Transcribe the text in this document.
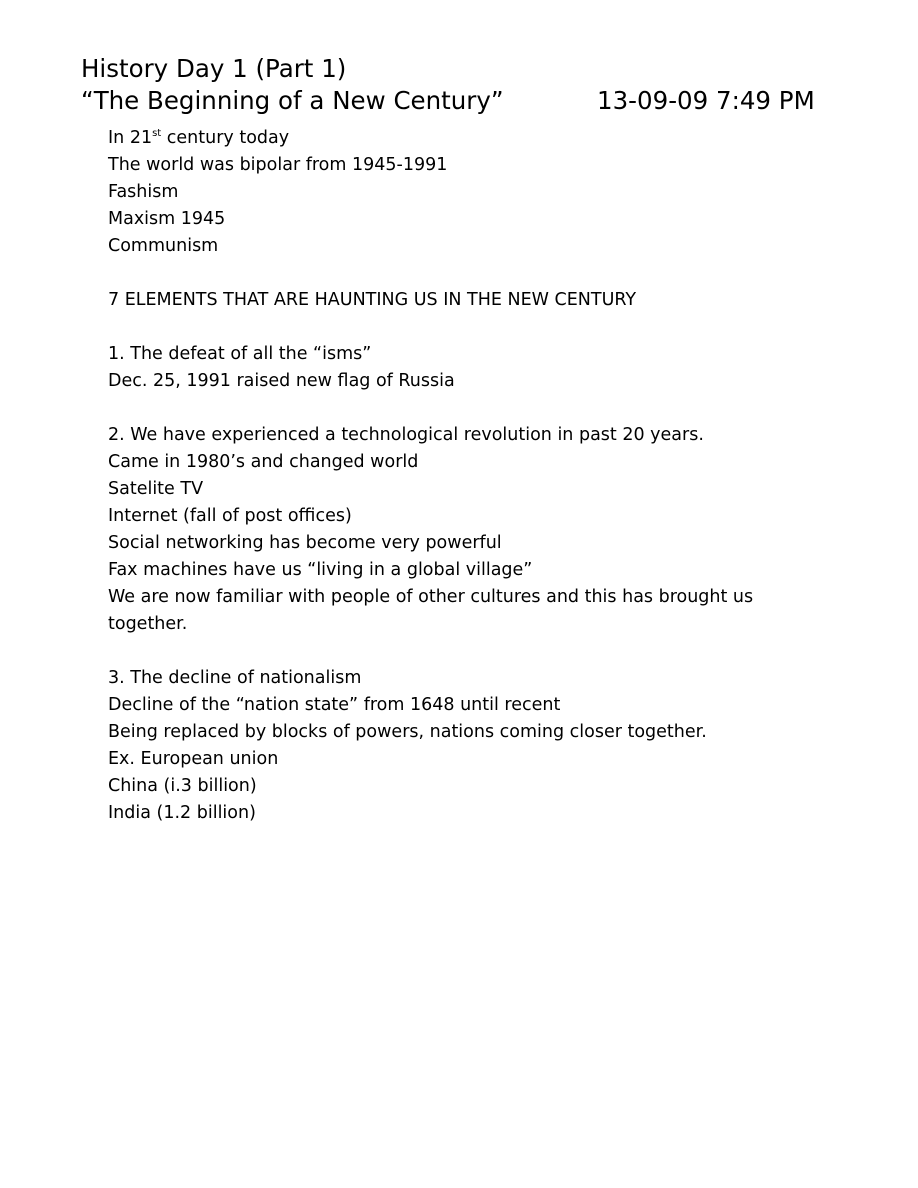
History Day 1 (Part 1)
“The Beginning of a New Century”	13-09-09 7:49 PM
In 21st century today
The world was bipolar from 1945-1991
Fashism
Maxism 1945
Communism
7 ELEMENTS THAT ARE HAUNTING US IN THE NEW CENTURY
1. The defeat of all the “isms”
Dec. 25, 1991 raised new flag of Russia
2. We have experienced a technological revolution in past 20 years.
Came in 1980’s and changed world
Satelite TV
Internet (fall of post offices)
Social networking has become very powerful
Fax machines have us “living in a global village”
We are now familiar with people of other cultures and this has brought us together.
3. The decline of nationalism
Decline of the “nation state” from 1648 until recent
Being replaced by blocks of powers, nations coming closer together.
Ex. European union
China (i.3 billion)
India (1.2 billion)
